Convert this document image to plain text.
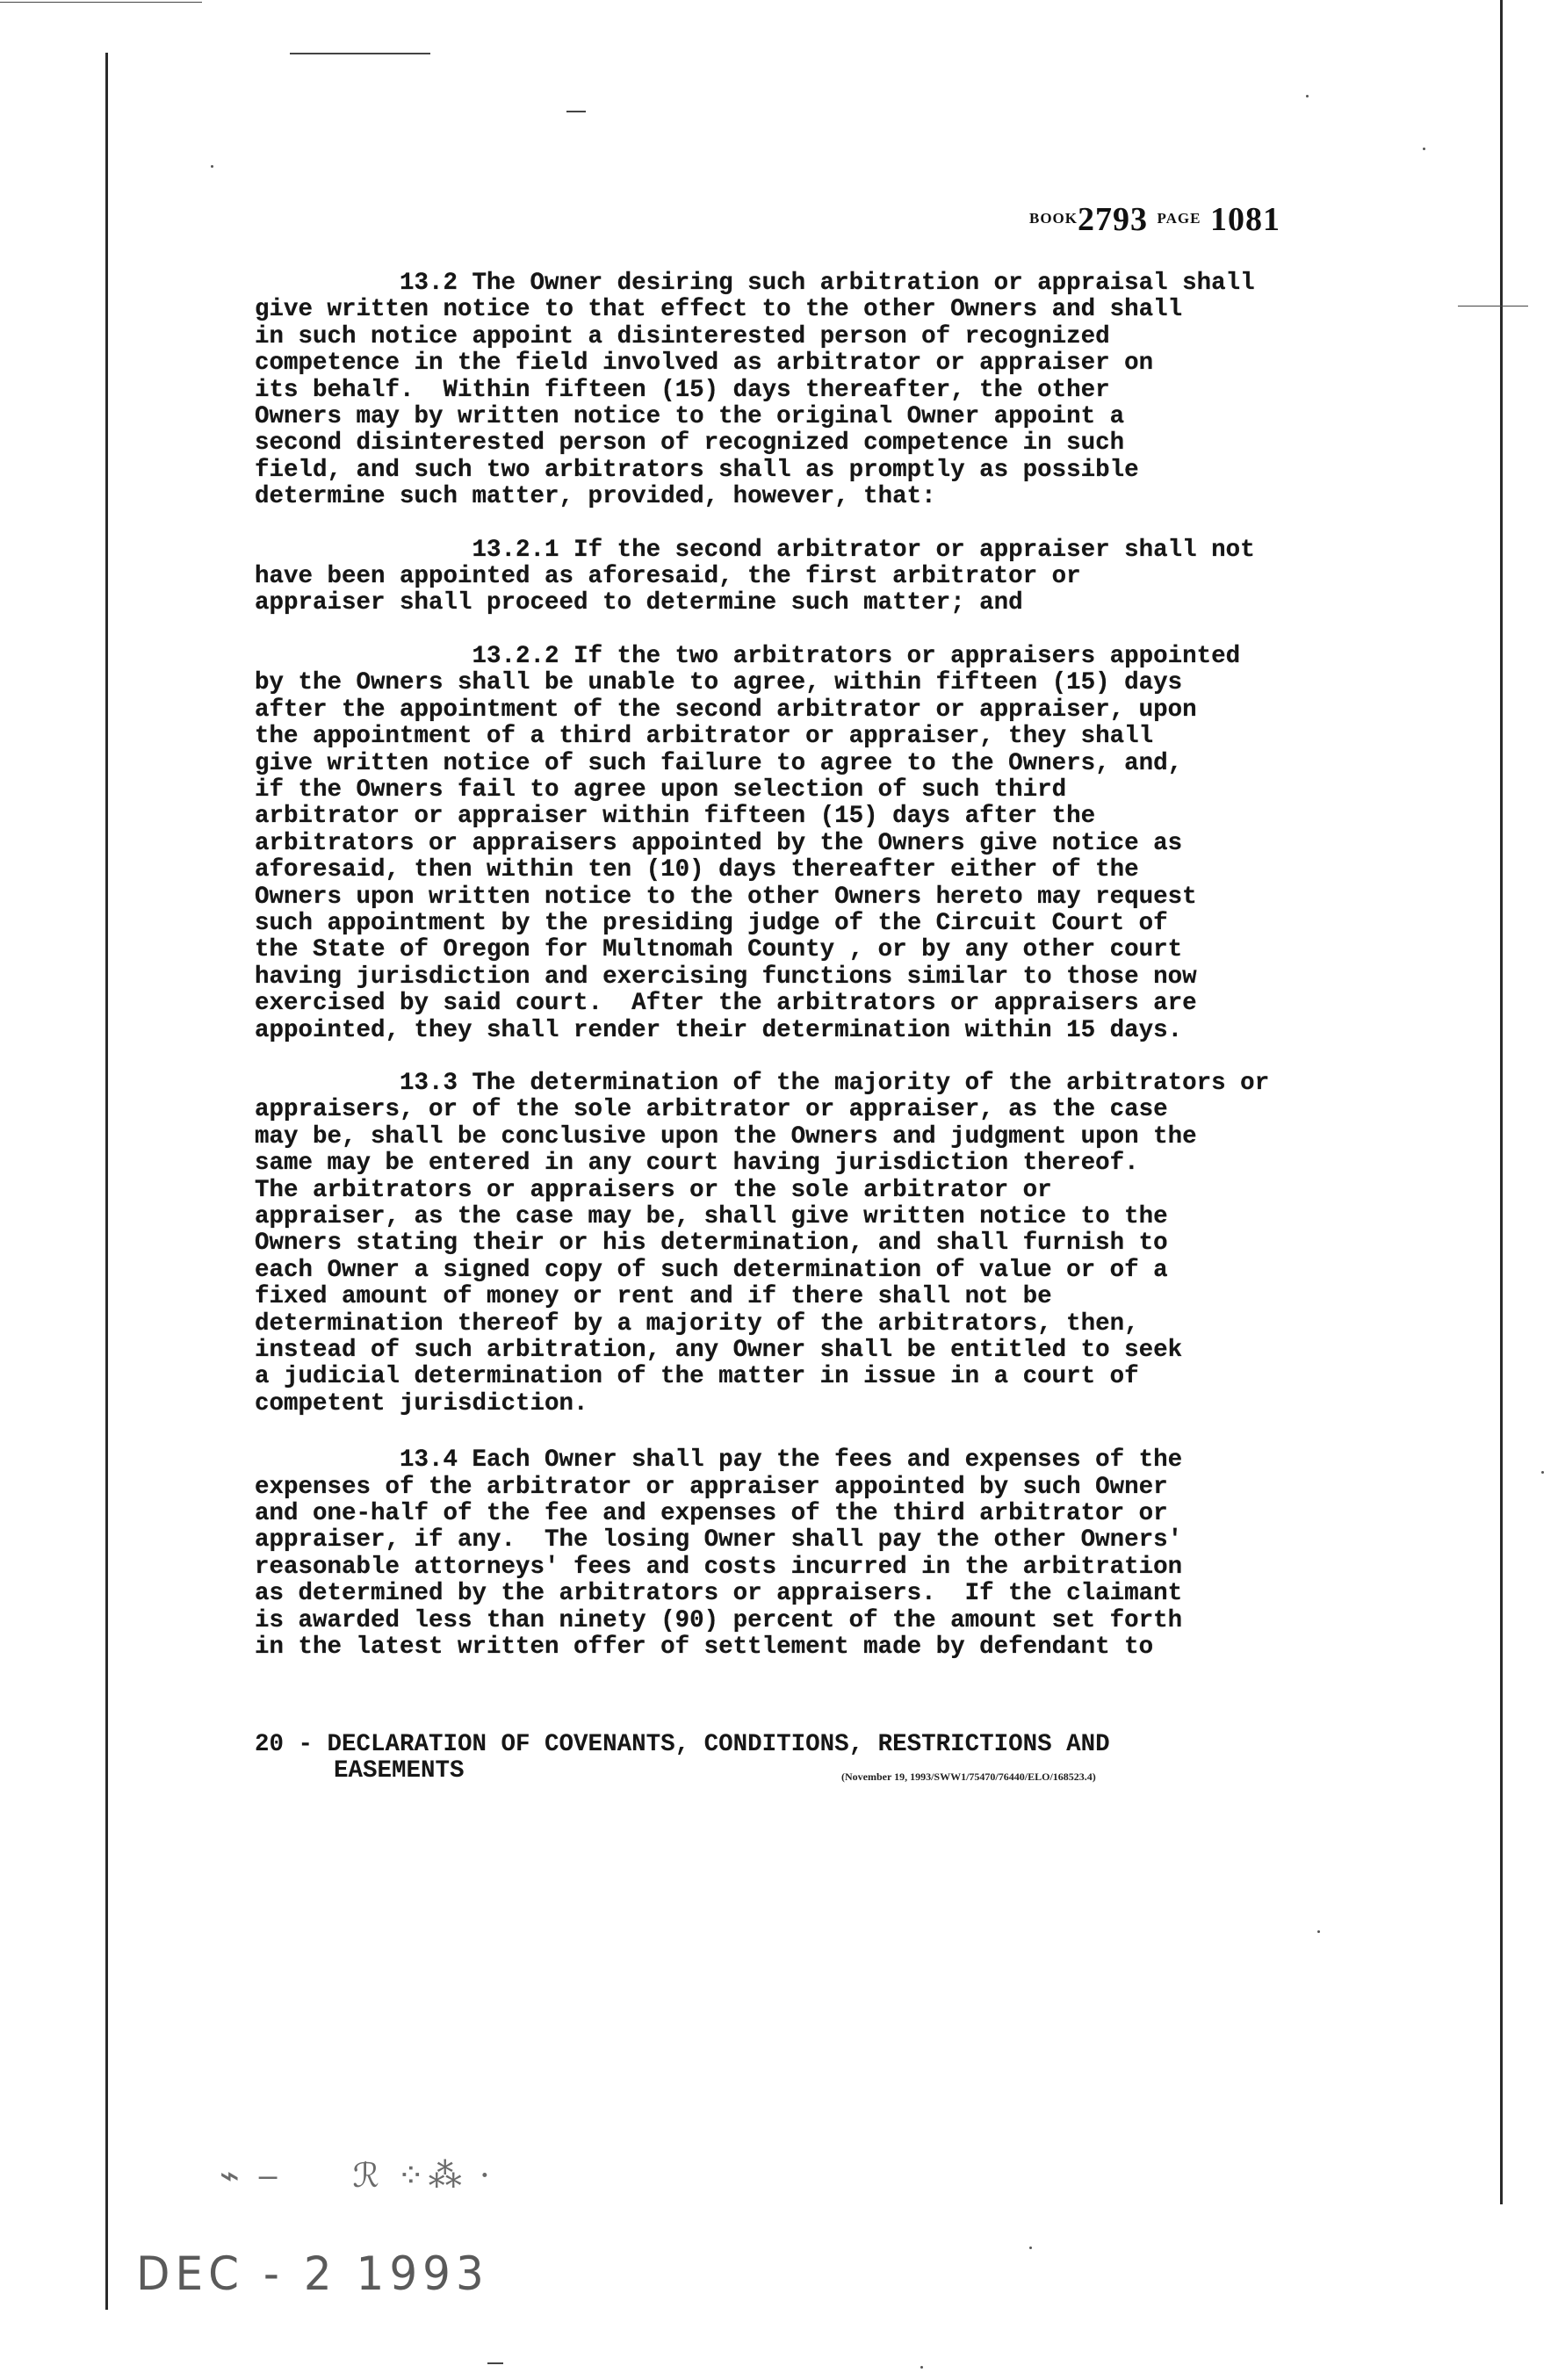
$^{BOOK}$2793 $^{PAGE}$ 1081

13.2 The Owner desiring such arbitration or appraisal shall
give written notice to that effect to the other Owners and shall
in such notice appoint a disinterested person of recognized
competence in the field involved as arbitrator or appraiser on
its behalf.  Within fifteen (15) days thereafter, the other
Owners may by written notice to the original Owner appoint a
second disinterested person of recognized competence in such
field, and such two arbitrators shall as promptly as possible
determine such matter, provided, however, that:

13.2.1 If the second arbitrator or appraiser shall not
have been appointed as aforesaid, the first arbitrator or
appraiser shall proceed to determine such matter; and

13.2.2 If the two arbitrators or appraisers appointed
by the Owners shall be unable to agree, within fifteen (15) days
after the appointment of the second arbitrator or appraiser, upon
the appointment of a third arbitrator or appraiser, they shall
give written notice of such failure to agree to the Owners, and,
if the Owners fail to agree upon selection of such third
arbitrator or appraiser within fifteen (15) days after the
arbitrators or appraisers appointed by the Owners give notice as
aforesaid, then within ten (10) days thereafter either of the
Owners upon written notice to the other Owners hereto may request
such appointment by the presiding judge of the Circuit Court of
the State of Oregon for Multnomah County , or by any other court
having jurisdiction and exercising functions similar to those now
exercised by said court.  After the arbitrators or appraisers are
appointed, they shall render their determination within 15 days.

13.3 The determination of the majority of the arbitrators or
appraisers, or of the sole arbitrator or appraiser, as the case
may be, shall be conclusive upon the Owners and judgment upon the
same may be entered in any court having jurisdiction thereof.
The arbitrators or appraisers or the sole arbitrator or
appraiser, as the case may be, shall give written notice to the
Owners stating their or his determination, and shall furnish to
each Owner a signed copy of such determination of value or of a
fixed amount of money or rent and if there shall not be
determination thereof by a majority of the arbitrators, then,
instead of such arbitration, any Owner shall be entitled to seek
a judicial determination of the matter in issue in a court of
competent jurisdiction.

13.4 Each Owner shall pay the fees and expenses of the
expenses of the arbitrator or appraiser appointed by such Owner
and one-half of the fee and expenses of the third arbitrator or
appraiser, if any.  The losing Owner shall pay the other Owners'
reasonable attorneys' fees and costs incurred in the arbitration
as determined by the arbitrators or appraisers.  If the claimant
is awarded less than ninety (90) percent of the amount set forth
in the latest written offer of settlement made by defendant to

20 - DECLARATION OF COVENANTS, CONDITIONS, RESTRICTIONS AND
EASEMENTS	(November 19, 1993/SWW1/75470/76440/ELO/168523.4)
⌁ ‒     ℛ ⁘⁂ ·
DEC - 2 1993
